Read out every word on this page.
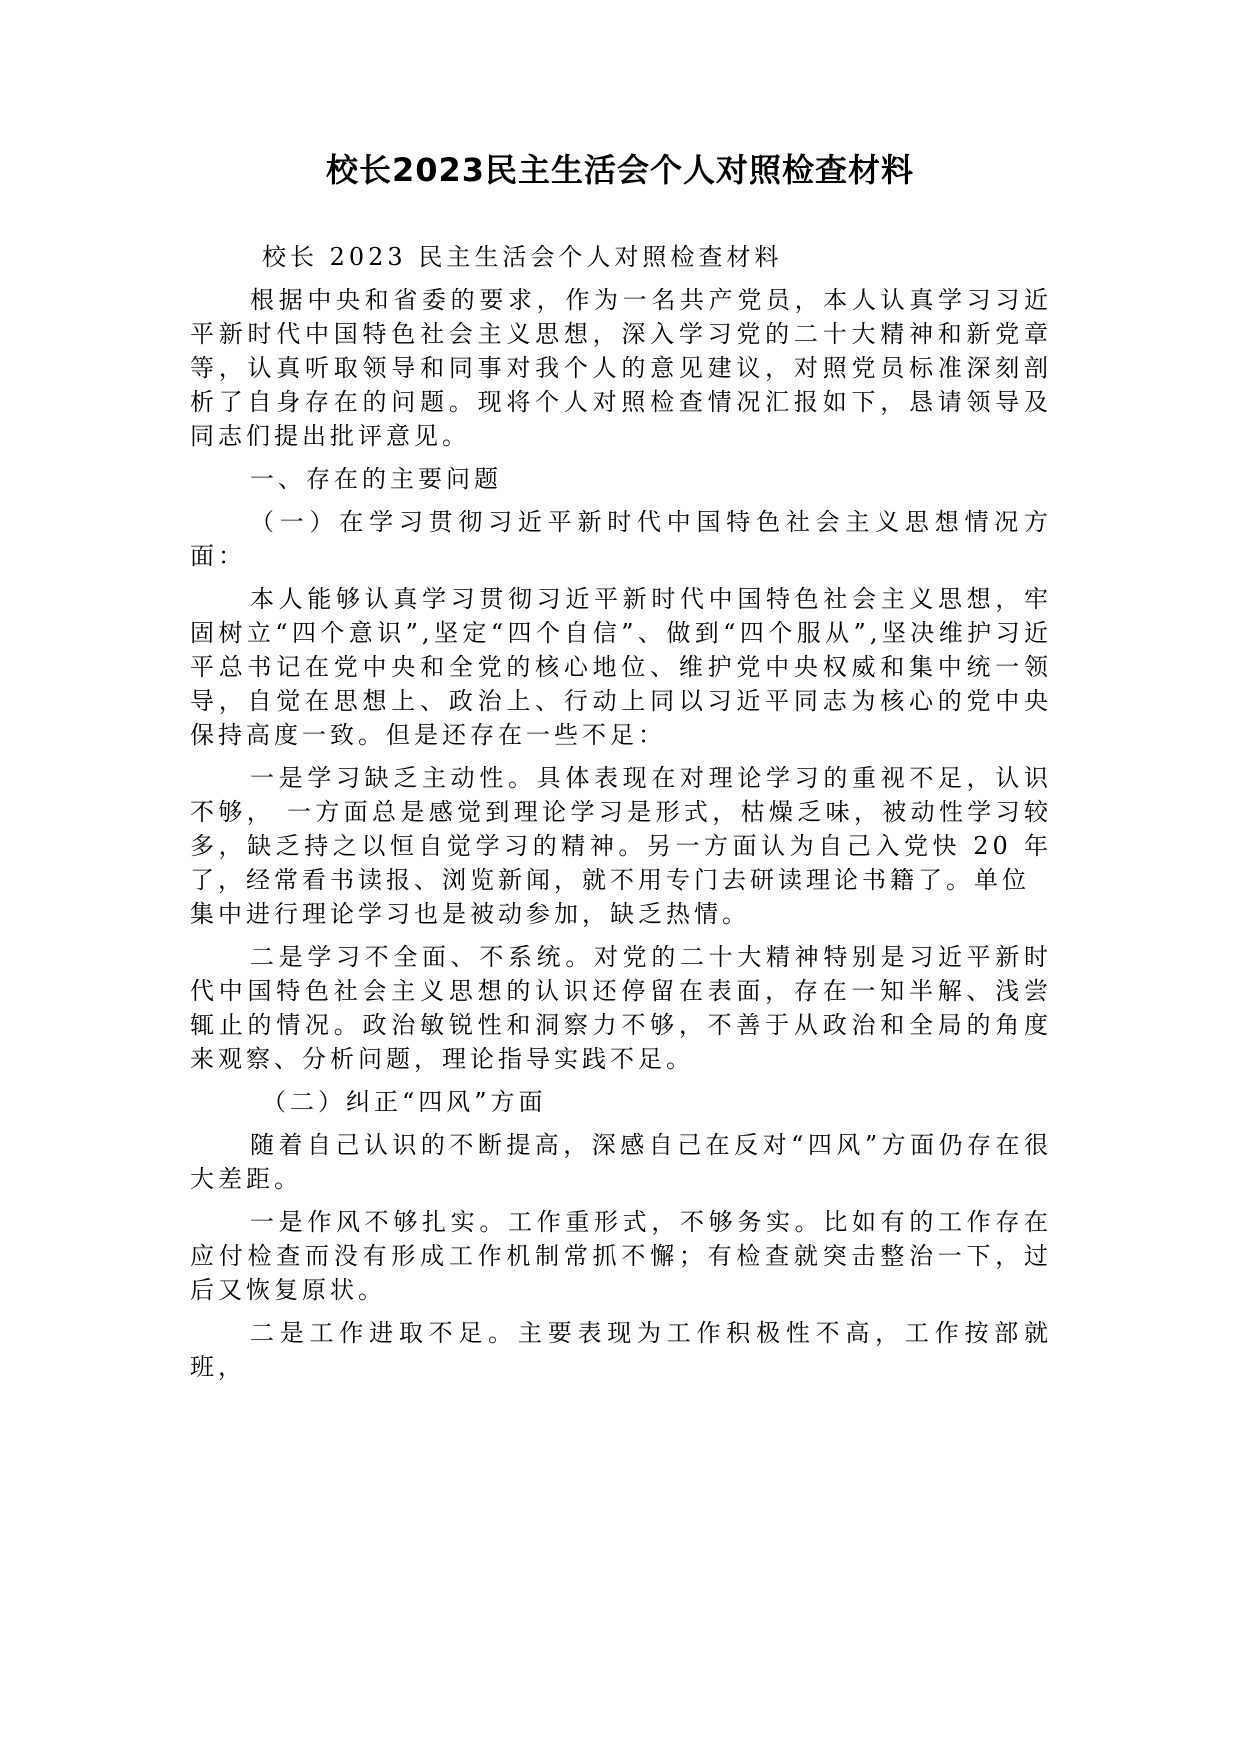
校长2023民主生活会个人对照检查材料

校长 2023 民主生活会个人对照检查材料

根据中央和省委的要求，作为一名共产党员，本人认真学习习近平新时代中国特色社会主义思想，深入学习党的二十大精神和新党章等，认真听取领导和同事对我个人的意见建议，对照党员标准深刻剖析了自身存在的问题。现将个人对照检查情况汇报如下，恳请领导及同志们提出批评意见。

一、存在的主要问题

（一）在学习贯彻习近平新时代中国特色社会主义思想情况方面：

本人能够认真学习贯彻习近平新时代中国特色社会主义思想，牢固树立“四个意识”,坚定“四个自信”、做到“四个服从”,坚决维护习近平总书记在党中央和全党的核心地位、维护党中央权威和集中统一领导，自觉在思想上、政治上、行动上同以习近平同志为核心的党中央保持高度一致。但是还存在一些不足：

一是学习缺乏主动性。具体表现在对理论学习的重视不足，认识不够， 一方面总是感觉到理论学习是形式，枯燥乏味，被动性学习较多，缺乏持之以恒自觉学习的精神。另一方面认为自己入党快 20 年 了，经常看书读报、浏览新闻，就不用专门去研读理论书籍了。单位

集中进行理论学习也是被动参加，缺乏热情。

二是学习不全面、不系统。对党的二十大精神特别是习近平新时代中国特色社会主义思想的认识还停留在表面，存在一知半解、浅尝辄止的情况。政治敏锐性和洞察力不够，不善于从政治和全局的角度来观察、分析问题，理论指导实践不足。

（二）纠正“四风”方面

随着自己认识的不断提高，深感自己在反对“四风”方面仍存在很大差距。

一是作风不够扎实。工作重形式，不够务实。比如有的工作存在应付检查而没有形成工作机制常抓不懈；有检查就突击整治一下，过后又恢复原状。

二是工作进取不足。主要表现为工作积极性不高，工作按部就班，
